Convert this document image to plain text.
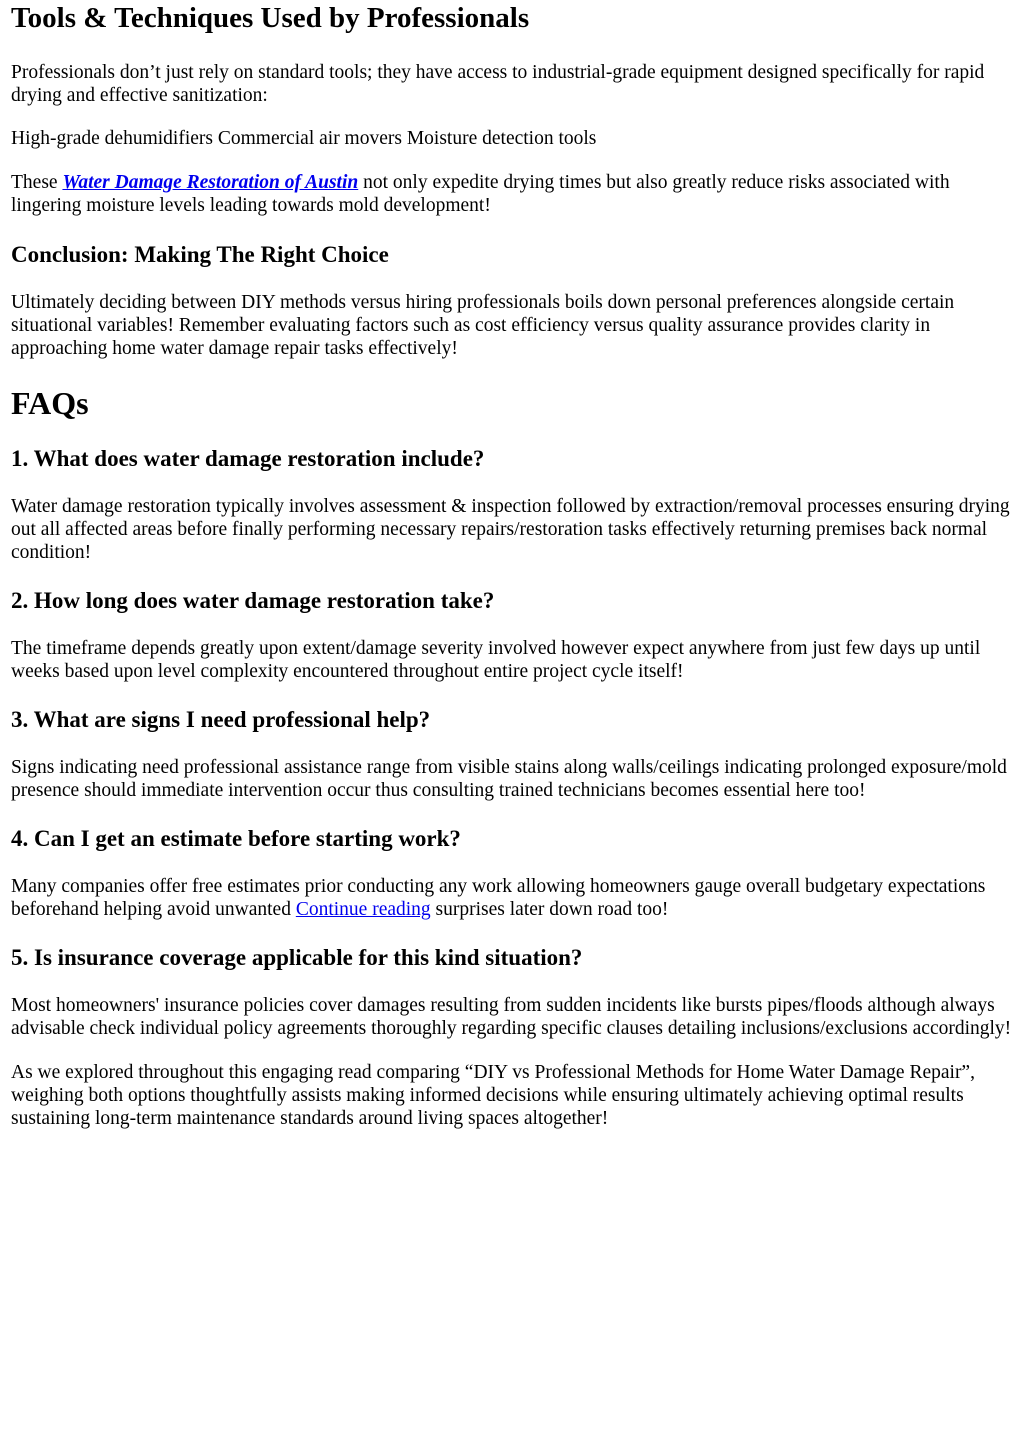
Tools & Techniques Used by Professionals

Professionals don’t just rely on standard tools; they have access to industrial-grade equipment designed specifically for rapid drying and effective sanitization:

High-grade dehumidifiers Commercial air movers Moisture detection tools

These Water Damage Restoration of Austin not only expedite drying times but also greatly reduce risks associated with lingering moisture levels leading towards mold development!

Conclusion: Making The Right Choice

Ultimately deciding between DIY methods versus hiring professionals boils down personal preferences alongside certain situational variables! Remember evaluating factors such as cost efficiency versus quality assurance provides clarity in approaching home water damage repair tasks effectively!

FAQs
1. What does water damage restoration include?

Water damage restoration typically involves assessment & inspection followed by extraction/removal processes ensuring drying out all affected areas before finally performing necessary repairs/restoration tasks effectively returning premises back normal condition!

2. How long does water damage restoration take?

The timeframe depends greatly upon extent/damage severity involved however expect anywhere from just few days up until weeks based upon level complexity encountered throughout entire project cycle itself!

3. What are signs I need professional help?

Signs indicating need professional assistance range from visible stains along walls/ceilings indicating prolonged exposure/mold presence should immediate intervention occur thus consulting trained technicians becomes essential here too!

4. Can I get an estimate before starting work?

Many companies offer free estimates prior conducting any work allowing homeowners gauge overall budgetary expectations beforehand helping avoid unwanted Continue reading surprises later down road too!

5. Is insurance coverage applicable for this kind situation?

Most homeowners' insurance policies cover damages resulting from sudden incidents like bursts pipes/floods although always advisable check individual policy agreements thoroughly regarding specific clauses detailing inclusions/exclusions accordingly!

As we explored throughout this engaging read comparing “DIY vs Professional Methods for Home Water Damage Repair”, weighing both options thoughtfully assists making informed decisions while ensuring ultimately achieving optimal results sustaining long-term maintenance standards around living spaces altogether!
